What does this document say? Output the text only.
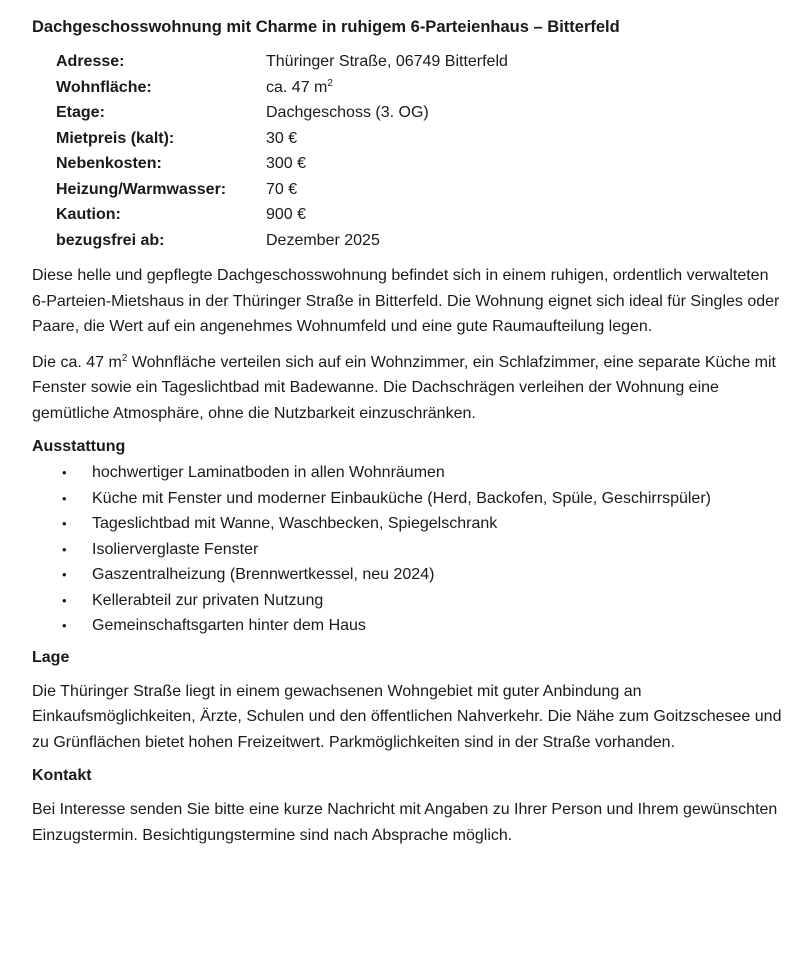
Dachgeschosswohnung mit Charme in ruhigem 6-Parteienhaus – Bitterfeld
Adresse:	Thüringer Straße, 06749 Bitterfeld
Wohnfläche:	ca. 47 $m^2$
Etage:	Dachgeschoss (3. OG)
Mietpreis (kalt):	30 €
Nebenkosten:	300 €
Heizung/Warmwasser:	70 €
Kaution:	900 €
bezugsfrei ab:	Dezember 2025

Diese helle und gepflegte Dachgeschosswohnung befindet sich in einem ruhigen, ordentlich verwalteten 6-Parteien-Mietshaus in der Thüringer Straße in Bitterfeld. Die Wohnung eignet sich ideal für Singles oder Paare, die Wert auf ein angenehmes Wohnumfeld und eine gute Raumaufteilung legen.

Die ca. 47 $m^2$ Wohnfläche verteilen sich auf ein Wohnzimmer, ein Schlafzimmer, eine separate Küche mit Fenster sowie ein Tageslichtbad mit Badewanne. Die Dachschrägen verleihen der Wohnung eine gemütliche Atmosphäre, ohne die Nutzbarkeit einzuschränken.

Ausstattung
• hochwertiger Laminatboden in allen Wohnräumen
• Küche mit Fenster und moderner Einbauküche (Herd, Backofen, Spüle, Geschirrspüler)
• Tageslichtbad mit Wanne, Waschbecken, Spiegelschrank
• Isolierverglaste Fenster
• Gaszentralheizung (Brennwertkessel, neu 2024)
• Kellerabteil zur privaten Nutzung
• Gemeinschaftsgarten hinter dem Haus
Lage

Die Thüringer Straße liegt in einem gewachsenen Wohngebiet mit guter Anbindung an Einkaufsmöglichkeiten, Ärzte, Schulen und den öffentlichen Nahverkehr. Die Nähe zum Goitzschesee und zu Grünflächen bietet hohen Freizeitwert. Parkmöglichkeiten sind in der Straße vorhanden.

Kontakt

Bei Interesse senden Sie bitte eine kurze Nachricht mit Angaben zu Ihrer Person und Ihrem gewünschten Einzugstermin. Besichtigungstermine sind nach Absprache möglich.
